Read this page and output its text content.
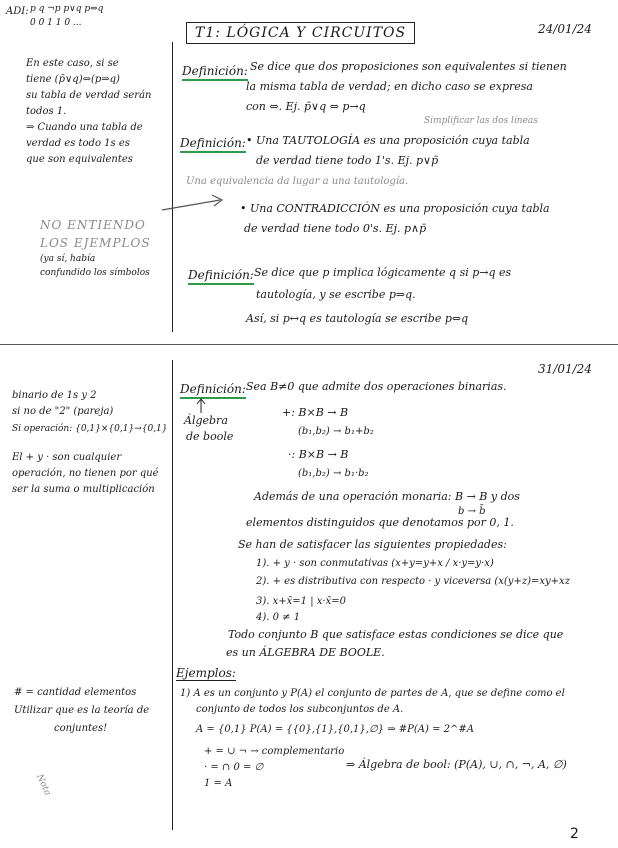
ADI: p q ¬p p∨q p⇔q
0 0 1 1 0 ...
T1: LÓGICA Y CIRCUITOS	24/01/24
En este caso, si se
tiene (p̄∨q)⇔(p⇒q)
su tabla de verdad serán
todos 1.
⇒ Cuando una tabla de
verdad es todo 1s es
que son equivalentes
NO ENTIENDO
LOS EJEMPLOS
(ya sí, había
confundido los símbolos
Definición: Se dice que dos proposiciones son equivalentes si tienen
la misma tabla de verdad; en dicho caso se expresa
con ⇔. Ej. p̄∨q ⇔ p→q
Simplificar las dos líneas
Definición: • Una TAUTOLOGÍA es una proposición cuya tabla
de verdad tiene todo 1's. Ej. p∨p̄
Una equivalencia da lugar a una tautología.
• Una CONTRADICCIÓN es una proposición cuya tabla
de verdad tiene todo 0's. Ej. p∧p̄
Definición: Se dice que p implica lógicamente q si p→q es
tautología, y se escribe p⇒q.
Así, si p↔q es tautología se escribe p⇔q
31/01/24
binario de 1s y 2
si no de "2" (pareja)
Si operación: {0,1}×{0,1}→{0,1}
El + y · son cualquier
operación, no tienen por qué
ser la suma o multiplicación
# = cantidad elementos
Utilizar que es la teoría de
conjuntes!
Nota
Definición: Sea B≠0 que admite dos operaciones binarias.
Álgebra
de boole
+: B×B → B
(b₁,b₂) → b₁+b₂
·: B×B → B
(b₁,b₂) → b₁·b₂
Además de una operación monaria: B → B y dos
b → b̄
elementos distinguidos que denotamos por 0, 1.
Se han de satisfacer las siguientes propiedades:
1). + y · son conmutativas (x+y=y+x / x·y=y·x)
2). + es distributiva con respecto · y viceversa (x(y+z)=xy+xz
3). x+x̄=1 | x·x̄=0
4). 0 ≠ 1
Todo conjunto B que satisface estas condiciones se dice que
es un ÁLGEBRA DE BOOLE.
Ejemplos:
1) A es un conjunto y P(A) el conjunto de partes de A, que se define como el
conjunto de todos los subconjuntos de A.
A = {0,1} P(A) = {{0},{1},{0,1},∅} ⇒ #P(A) = 2^#A
+ = ∪ ¬ → complementario
· = ∩ 0 = ∅
1 = A
⇒ Álgebra de bool: (P(A), ∪, ∩, ¬, A, ∅)
2
